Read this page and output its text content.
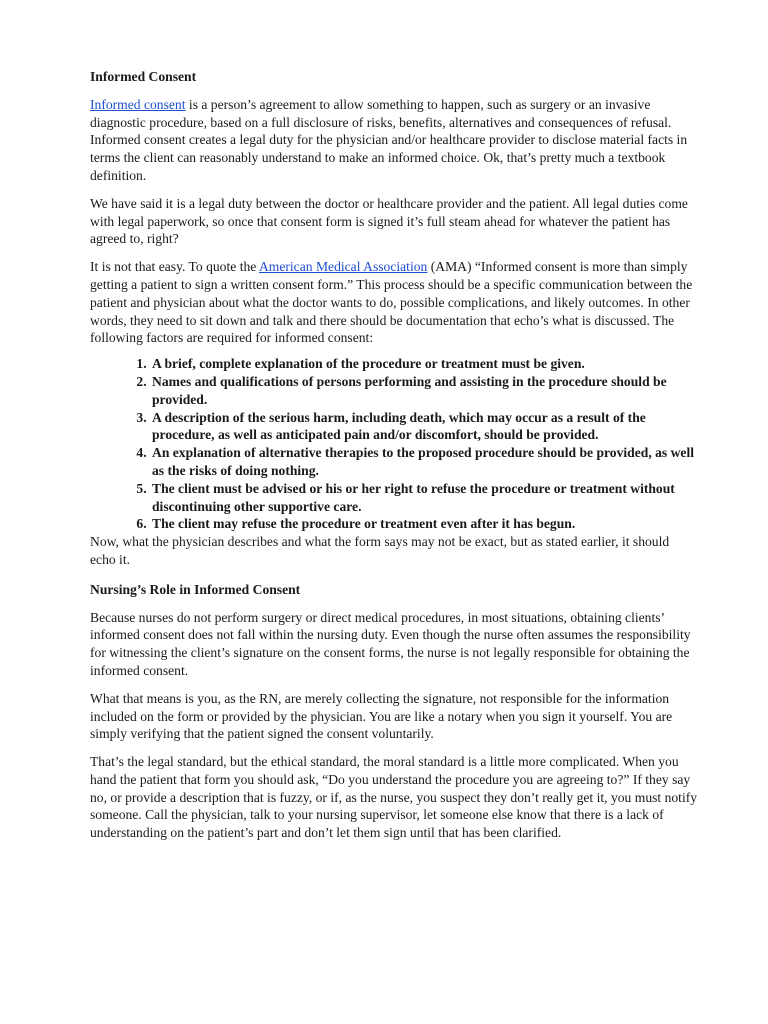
Informed Consent

Informed consent is a person’s agreement to allow something to happen, such as surgery or an invasive diagnostic procedure, based on a full disclosure of risks, benefits, alternatives and consequences of refusal. Informed consent creates a legal duty for the physician and/or healthcare provider to disclose material facts in terms the client can reasonably understand to make an informed choice. Ok, that’s pretty much a textbook definition.

We have said it is a legal duty between the doctor or healthcare provider and the patient. All legal duties come with legal paperwork, so once that consent form is signed it’s full steam ahead for whatever the patient has agreed to, right?

It is not that easy. To quote the American Medical Association (AMA) “Informed consent is more than simply getting a patient to sign a written consent form.” This process should be a specific communication between the patient and physician about what the doctor wants to do, possible complications, and likely outcomes. In other words, they need to sit down and talk and there should be documentation that echo’s what is discussed. The following factors are required for informed consent:

1. A brief, complete explanation of the procedure or treatment must be given.
2. Names and qualifications of persons performing and assisting in the procedure should be provided.
3. A description of the serious harm, including death, which may occur as a result of the procedure, as well as anticipated pain and/or discomfort, should be provided.
4. An explanation of alternative therapies to the proposed procedure should be provided, as well as the risks of doing nothing.
5. The client must be advised or his or her right to refuse the procedure or treatment without discontinuing other supportive care.
6. The client may refuse the procedure or treatment even after it has begun.

Now, what the physician describes and what the form says may not be exact, but as stated earlier, it should echo it.

Nursing’s Role in Informed Consent

Because nurses do not perform surgery or direct medical procedures, in most situations, obtaining clients’ informed consent does not fall within the nursing duty. Even though the nurse often assumes the responsibility for witnessing the client’s signature on the consent forms, the nurse is not legally responsible for obtaining the informed consent.

What that means is you, as the RN, are merely collecting the signature, not responsible for the information included on the form or provided by the physician. You are like a notary when you sign it yourself. You are simply verifying that the patient signed the consent voluntarily.

That’s the legal standard, but the ethical standard, the moral standard is a little more complicated. When you hand the patient that form you should ask, “Do you understand the procedure you are agreeing to?” If they say no, or provide a description that is fuzzy, or if, as the nurse, you suspect they don’t really get it, you must notify someone. Call the physician, talk to your nursing supervisor, let someone else know that there is a lack of understanding on the patient’s part and don’t let them sign until that has been clarified.
